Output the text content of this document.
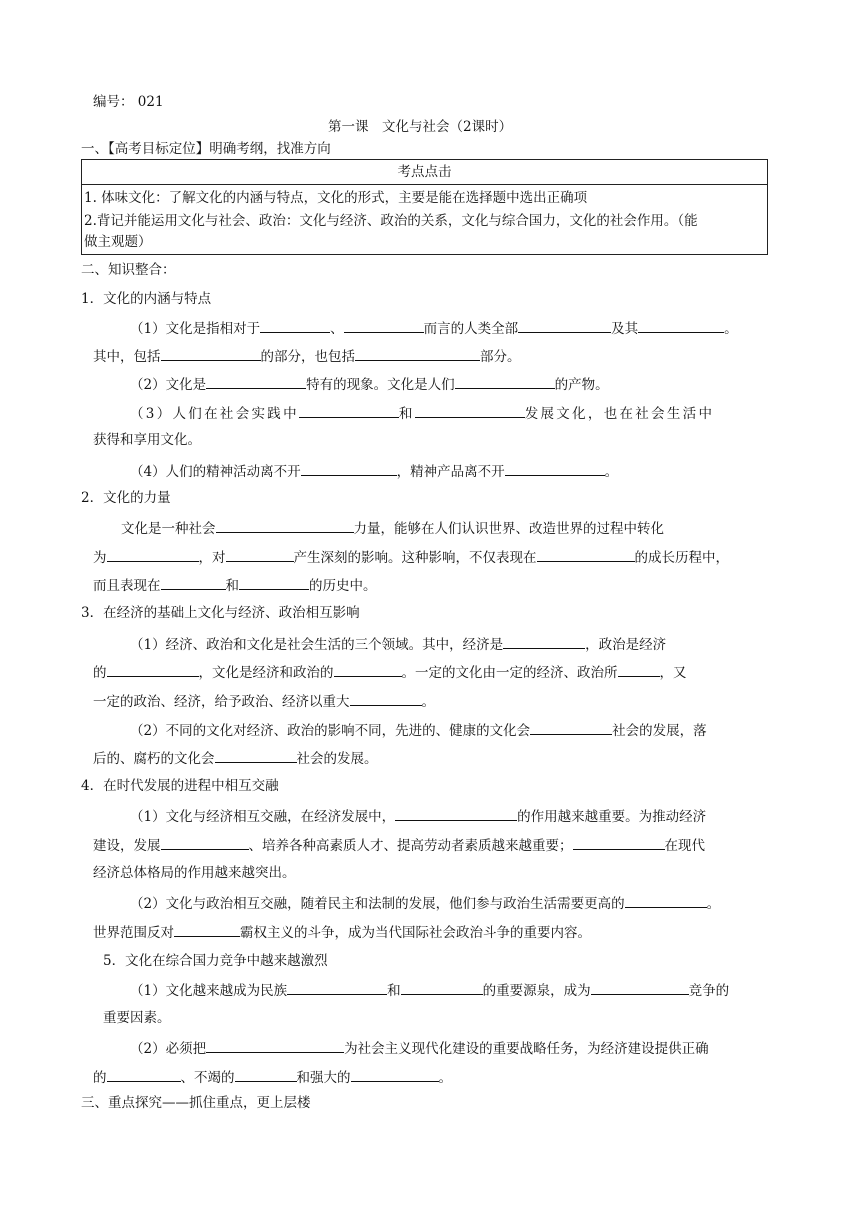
编号： 021
第一课　文化与社会（2课时）
一、【高考目标定位】明确考纲，找准方向
考点点击
1. 体味文化：了解文化的内涵与特点，文化的形式，主要是能在选择题中选出正确项
2.背记并能运用文化与社会、政治：文化与经济、政治的关系，文化与综合国力，文化的社会作用。（能
做主观题）
二、知识整合：
1．文化的内涵与特点
（1）文化是指相对于	、	而言的人类全部	及其	。
其中，包括	的部分，也包括	部分。
（2）文化是	特有的现象。文化是人们	的产物。
（3）人们在社会实践中	和	发展文化，也在社会生活中
获得和享用文化。
（4）人们的精神活动离不开	，精神产品离不开	。
2．文化的力量
文化是一种社会	力量，能够在人们认识世界、改造世界的过程中转化
为	，对	产生深刻的影响。这种影响，不仅表现在	的成长历程中，
而且表现在	和	的历史中。
3．在经济的基础上文化与经济、政治相互影响
（1）经济、政治和文化是社会生活的三个领域。其中，经济是	，政治是经济
的	，文化是经济和政治的	。一定的文化由一定的经济、政治所	，又
一定的政治、经济，给予政治、经济以重大	。
（2）不同的文化对经济、政治的影响不同，先进的、健康的文化会	社会的发展，落
后的、腐朽的文化会	社会的发展。
4．在时代发展的进程中相互交融
（1）文化与经济相互交融，在经济发展中，	的作用越来越重要。为推动经济
建设，发展	、培养各种高素质人才、提高劳动者素质越来越重要；	在现代
经济总体格局的作用越来越突出。
（2）文化与政治相互交融，随着民主和法制的发展，他们参与政治生活需要更高的	。
世界范围反对	霸权主义的斗争，成为当代国际社会政治斗争的重要内容。
5．文化在综合国力竞争中越来越激烈
（1）文化越来越成为民族	和	的重要源泉，成为	竞争的
重要因素。
（2）必须把	为社会主义现代化建设的重要战略任务，为经济建设提供正确
的	、不竭的	和强大的	。
三、重点探究——抓住重点，更上层楼
